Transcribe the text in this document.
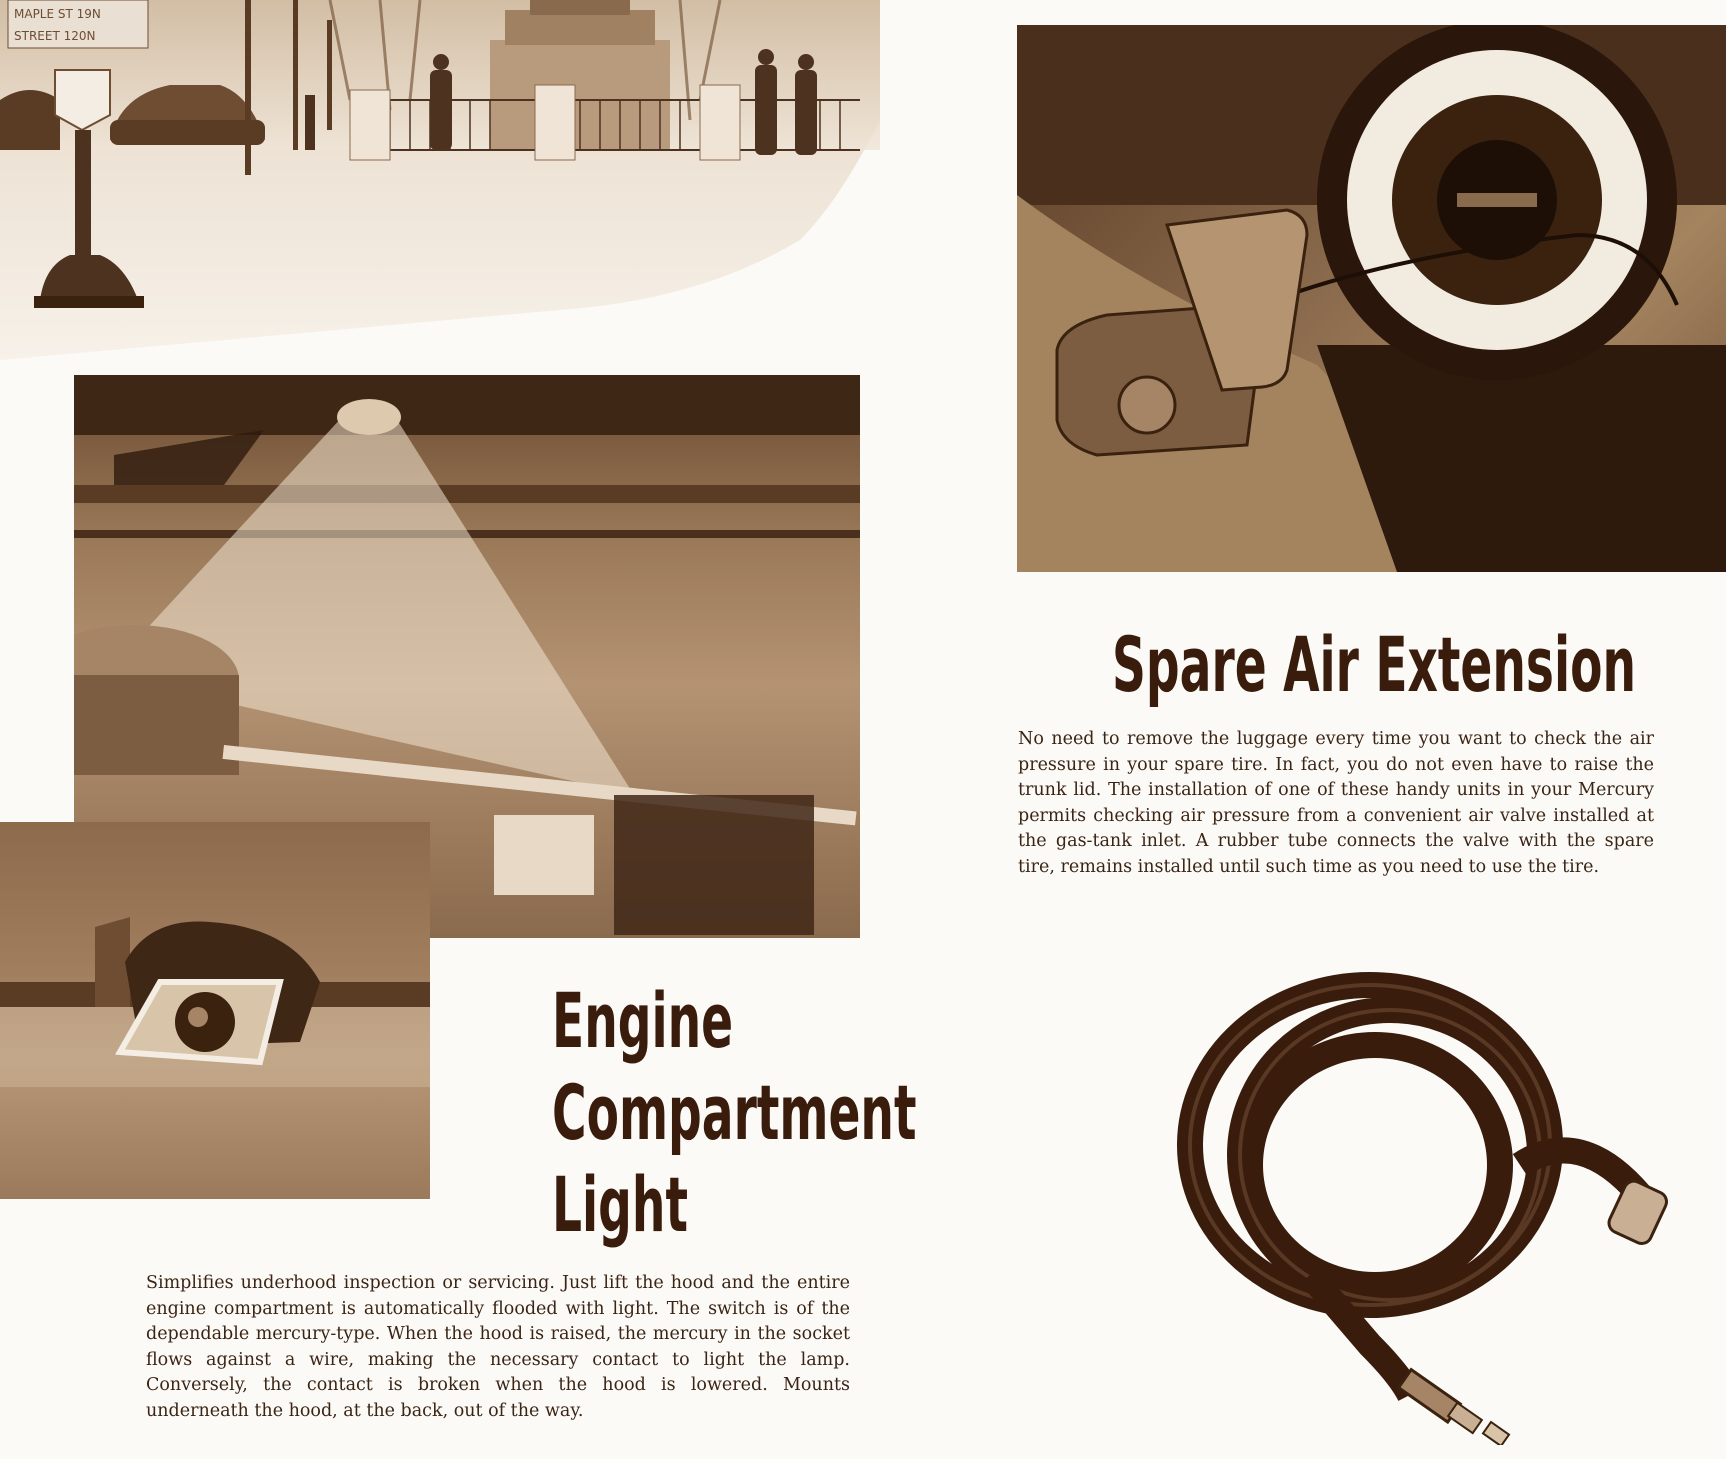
MAPLE ST 19N
STREET 120N
Engine
Compartment
Light

Simplifies underhood inspection or servicing. Just lift the hood and the entire engine compartment is automatically flooded with light. The switch is of the dependable mercury-type. When the hood is raised, the mercury in the socket flows against a wire, making the necessary contact to light the lamp. Conversely, the contact is broken when the hood is lowered. Mounts underneath the hood, at the back, out of the way.

Spare Air Extension

No need to remove the luggage every time you want to check the air pressure in your spare tire. In fact, you do not even have to raise the trunk lid. The installation of one of these handy units in your Mercury permits checking air pressure from a convenient air valve installed at the gas-tank inlet. A rubber tube connects the valve with the spare tire, remains installed until such time as you need to use the tire.
